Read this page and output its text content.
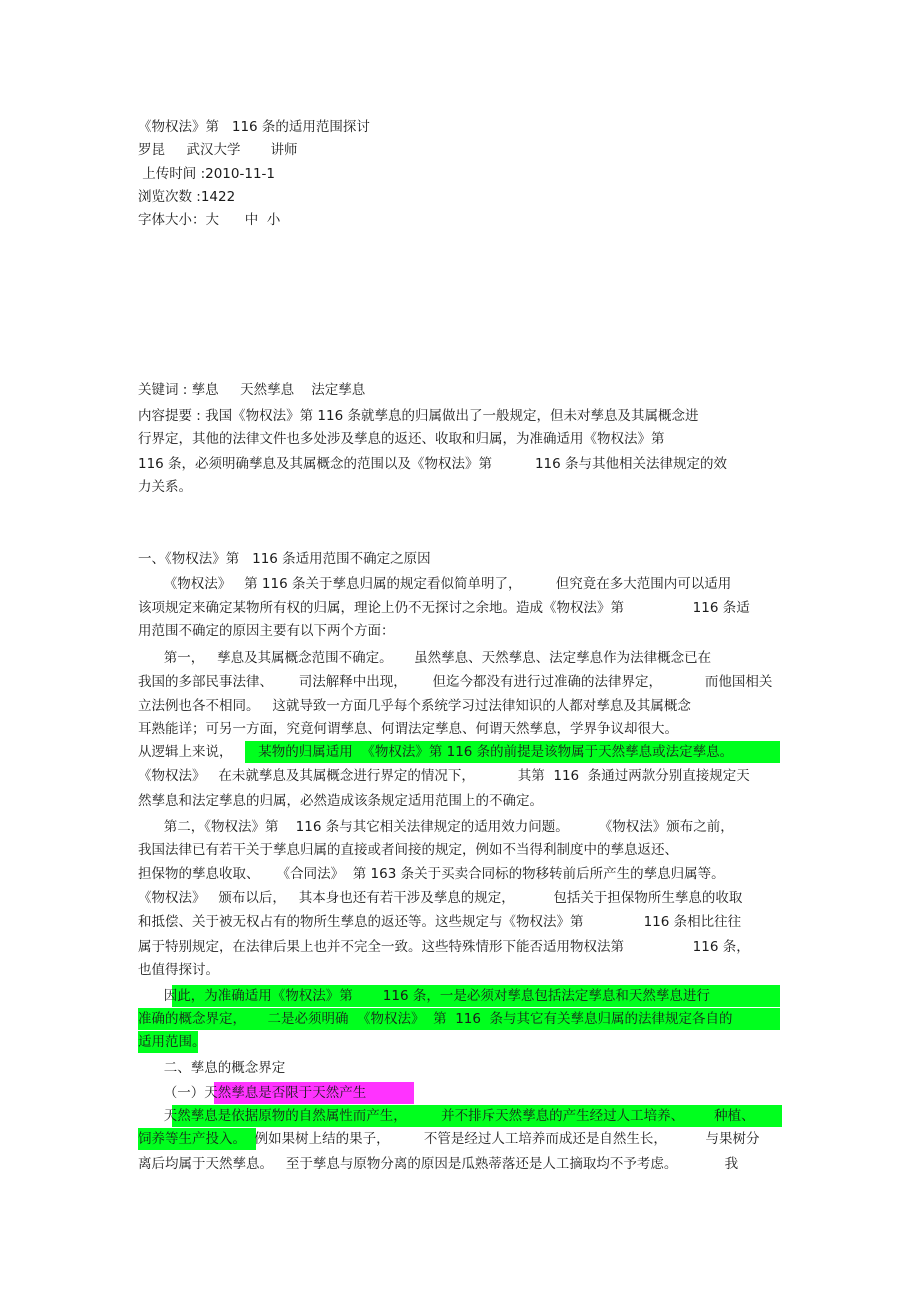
《物权法》第   116 条的适用范围探讨
罗昆     武汉大学       讲师
上传时间 :2010-11-1
浏览次数 :1422
字体大小：大      中  小
关键词 : 孳息     天然孳息    法定孳息
内容提要 : 我国《物权法》第 116 条就孳息的归属做出了一般规定，但未对孳息及其属概念进
行界定，其他的法律文件也多处涉及孳息的返还、收取和归属，为准确适用《物权法》第
116 条，必须明确孳息及其属概念的范围以及《物权法》第          116 条与其他相关法律规定的效
力关系。
一、《物权法》第   116 条适用范围不确定之原因
《物权法》   第 116 条关于孳息归属的规定看似简单明了，        但究竟在多大范围内可以适用
该项规定来确定某物所有权的归属，理论上仍不无探讨之余地。造成《物权法》第                116 条适
用范围不确定的原因主要有以下两个方面：
第一，   孳息及其属概念范围不确定。     虽然孳息、天然孳息、法定孳息作为法律概念已在
我国的多部民事法律、      司法解释中出现，      但迄今都没有进行过准确的法律界定，          而他国相关
立法例也各不相同。   这就导致一方面几乎每个系统学习过法律知识的人都对孳息及其属概念
耳熟能详；可另一方面，究竟何谓孳息、何谓法定孳息、何谓天然孳息，学界争议却很大。
从逻辑上来说，      某物的归属适用  《物权法》第 116 条的前提是该物属于天然孳息或法定孳息。
《物权法》   在未就孳息及其属概念进行界定的情况下，          其第  116  条通过两款分别直接规定天
然孳息和法定孳息的归属，必然造成该条规定适用范围上的不确定。
第二，《物权法》第    116 条与其它相关法律规定的适用效力问题。       《物权法》颁布之前，
我国法律已有若干关于孳息归属的直接或者间接的规定，例如不当得利制度中的孳息返还、
担保物的孳息收取、    《合同法》  第 163 条关于买卖合同标的物移转前后所产生的孳息归属等。
《物权法》   颁布以后，   其本身也还有若干涉及孳息的规定，         包括关于担保物所生孳息的收取
和抵偿、关于被无权占有的物所生孳息的返还等。这些规定与《物权法》第              116 条相比往往
属于特别规定，在法律后果上也并不完全一致。这些特殊情形下能否适用物权法第                116 条，
也值得探讨。
因此，为准确适用《物权法》第       116 条，一是必须对孳息包括法定孳息和天然孳息进行
准确的概念界定，     二是必须明确  《物权法》  第  116  条与其它有关孳息归属的法律规定各自的
适用范围。
二、孳息的概念界定
（一）天然孳息是否限于天然产生
天然孳息是依据原物的自然属性而产生，        并不排斥天然孳息的产生经过人工培养、       种植、
饲养等生产投入。  例如果树上结的果子，        不管是经过人工培养而成还是自然生长，         与果树分
离后均属于天然孳息。   至于孳息与原物分离的原因是瓜熟蒂落还是人工摘取均不予考虑。           我
